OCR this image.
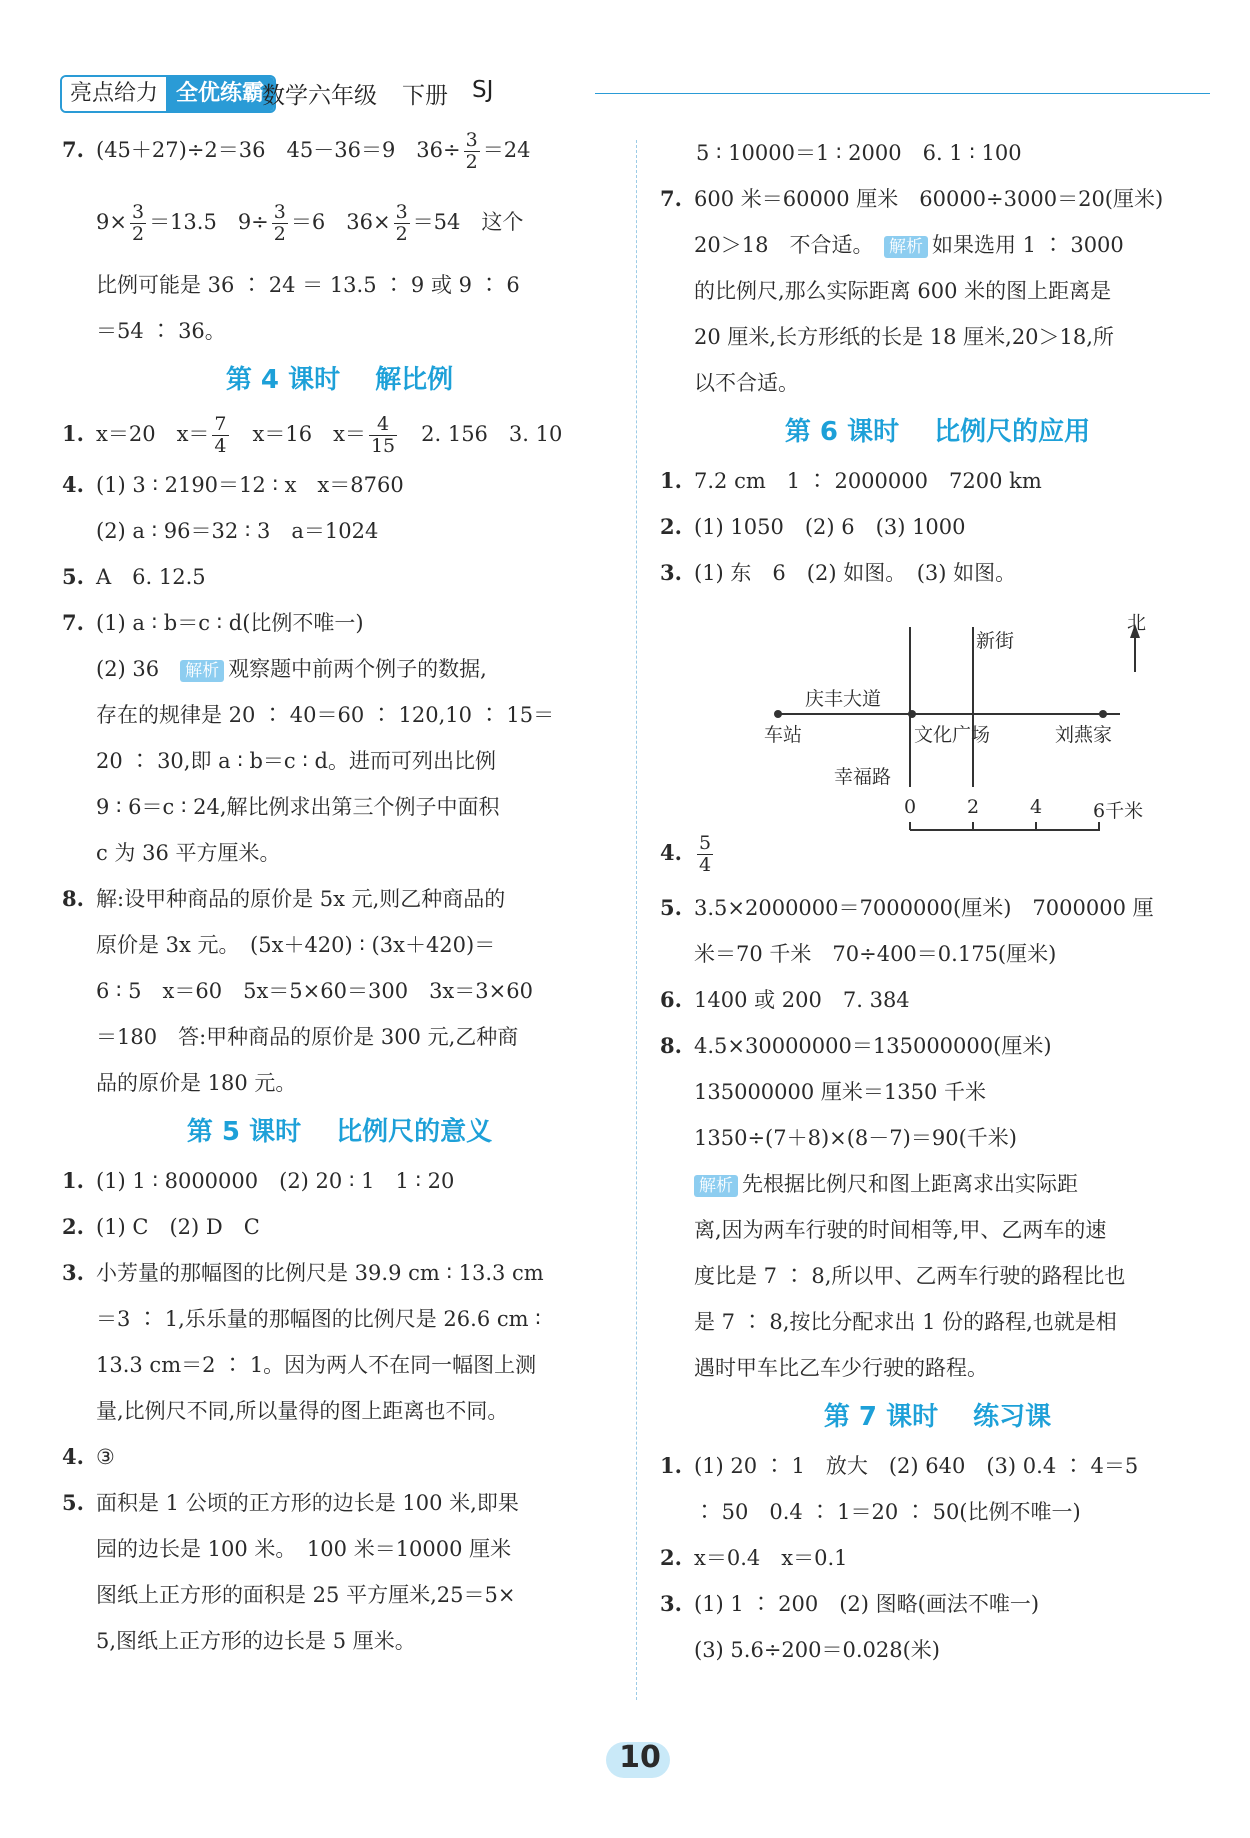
亮点给力 全优练霸
数学六年级 下册 SJ
7. (45＋27)÷2＝36　45－36＝9　$36\div \frac{3}{2} =24$
$9\times \frac{3}{2} =13.5$　$9\div \frac{3}{2} =6$　$36\times \frac{3}{2} =54$　这个
比例可能是 36 ∶ 24 ＝ 13.5 ∶ 9 或 9 ∶ 6
＝54 ∶ 36。
第 4 课时　 解比例
1. x＝20　$x= \frac{7}{4}$ 　x＝16　$x= \frac{4}{15}$ 　2. 156　3. 10
4. (1) 3 ∶ 2190＝12 ∶ x　x＝8760
(2) a ∶ 96＝32 ∶ 3　a＝1024
5. A　6. 12.5
7. (1) a ∶ b＝c ∶ d(比例不唯一)
(2) 36　 解析 观察题中前两个例子的数据,
存在的规律是 20 ∶ 40＝60 ∶ 120,10 ∶ 15＝
20 ∶ 30,即 a ∶ b＝c ∶ d。进而可列出比例
9 ∶ 6＝c ∶ 24,解比例求出第三个例子中面积
c 为 36 平方厘米。
8. 解:设甲种商品的原价是 5x 元,则乙种商品的
原价是 3x 元。　(5x＋420) ∶ (3x＋420)＝
6 ∶ 5　x＝60　5x＝5×60＝300　3x＝3×60
＝180　答:甲种商品的原价是 300 元,乙种商
品的原价是 180 元。
第 5 课时　 比例尺的意义
1. (1) 1 ∶ 8000000　(2) 20 ∶ 1　1 ∶ 20
2. (1) C　(2) D　C
3. 小芳量的那幅图的比例尺是 39.9 cm ∶ 13.3 cm
＝3 ∶ 1,乐乐量的那幅图的比例尺是 26.6 cm ∶
13.3 cm＝2 ∶ 1。因为两人不在同一幅图上测
量,比例尺不同,所以量得的图上距离也不同。
4. ③
5. 面积是 1 公顷的正方形的边长是 100 米,即果
园的边长是 100 米。　100 米＝10000 厘米
图纸上正方形的面积是 25 平方厘米,25＝5×
5,图纸上正方形的边长是 5 厘米。
5 ∶ 10000＝1 ∶ 2000　6. 1 ∶ 100
7. 600 米＝60000 厘米　60000÷3000＝20(厘米)
20＞18　不合适。　 解析 如果选用 1 ∶ 3000
的比例尺,那么实际距离 600 米的图上距离是
20 厘米,长方形纸的长是 18 厘米,20＞18,所
以不合适。
第 6 课时　 比例尺的应用
1. 7.2 cm　1 ∶ 2000000　7200 km
2. (1) 1050　(2) 6　(3) 1000
3. (1) 东　6　(2) 如图。　(3) 如图。
4. $\frac{5}{4}$
5. 3.5×2000000＝7000000(厘米)　7000000 厘
米＝70 千米　70÷400＝0.175(厘米)
6. 1400 或 200　7. 384
8. 4.5×30000000＝135000000(厘米)
135000000 厘米＝1350 千米
1350÷(7＋8)×(8－7)＝90(千米)
解析 先根据比例尺和图上距离求出实际距
离,因为两车行驶的时间相等,甲、乙两车的速
度比是 7 ∶ 8,所以甲、乙两车行驶的路程比也
是 7 ∶ 8,按比分配求出 1 份的路程,也就是相
遇时甲车比乙车少行驶的路程。
第 7 课时　 练习课
1. (1) 20 ∶ 1　放大　(2) 640　(3) 0.4 ∶ 4＝5
∶ 50　0.4 ∶ 1＝20 ∶ 50(比例不唯一)
2. x＝0.4　x＝0.1
3. (1) 1 ∶ 200　(2) 图略(画法不唯一)
(3) 5.6÷200＝0.028(米)
北
新街
庆丰大道
车站	文化广场	刘燕家
幸福路
0	2	4	6千米
10
